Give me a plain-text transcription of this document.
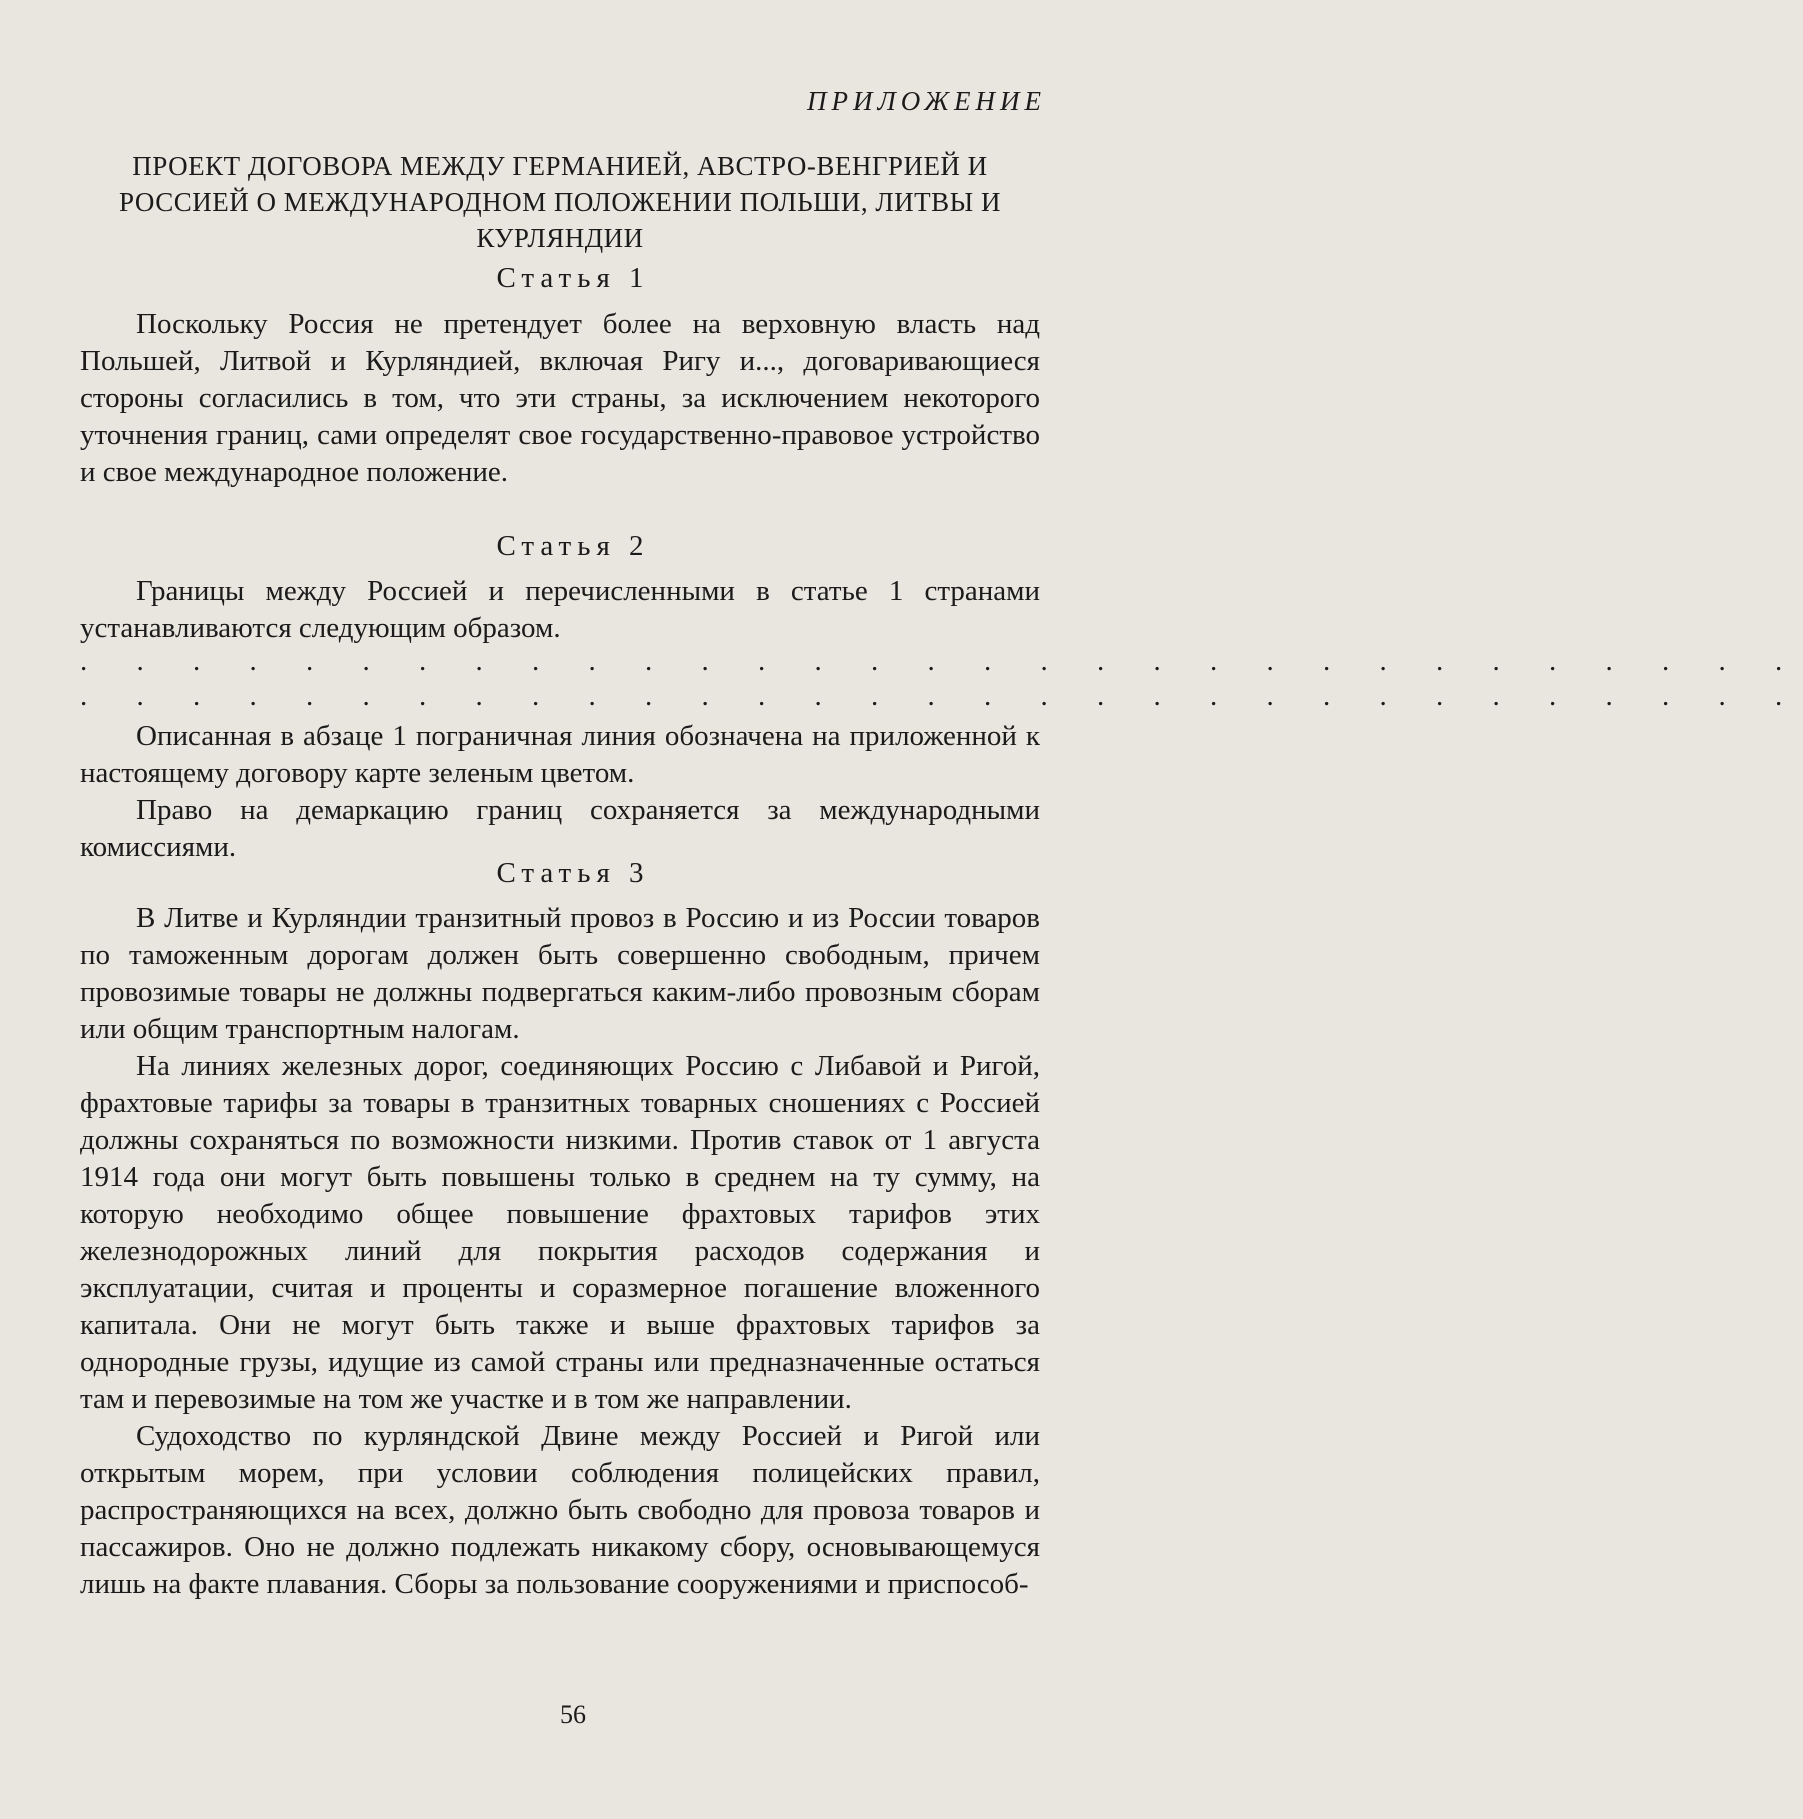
ПРИЛОЖЕНИЕ
ПРОЕКТ ДОГОВОРА МЕЖДУ ГЕРМАНИЕЙ, АВСТРО-ВЕНГРИЕЙ И РОССИЕЙ О МЕЖДУНАРОДНОМ ПОЛОЖЕНИИ ПОЛЬШИ, ЛИТВЫ И КУРЛЯНДИИ
Статья 1

Поскольку Россия не претендует более на верховную власть над Польшей, Литвой и Курляндией, включая Ригу и..., договаривающиеся стороны согласились в том, что эти страны, за исключением некоторого уточнения границ, сами определят свое государственно-правовое устройство и свое международное положение.

Статья 2

Границы между Россией и перечисленными в статье 1 странами устанавливаются следующим образом.

. . . . . . . . . . . . . . . . . . . . . . . . . . . . . . .
. . . . . . . . . . . . . . . . . . . . . . . . . . . . . . .

Описанная в абзаце 1 пограничная линия обозначена на приложенной к настоящему договору карте зеленым цветом.

Право на демаркацию границ сохраняется за международными комиссиями.

Статья 3

В Литве и Курляндии транзитный провоз в Россию и из России товаров по таможенным дорогам должен быть совершенно свободным, причем провозимые товары не должны подвергаться каким-либо провозным сборам или общим транспортным налогам.

На линиях железных дорог, соединяющих Россию с Либавой и Ригой, фрахтовые тарифы за товары в транзитных товарных сношениях с Россией должны сохраняться по возможности низкими. Против ставок от 1 августа 1914 года они могут быть повышены только в среднем на ту сумму, на которую необходимо общее повышение фрахтовых тарифов этих железнодорожных линий для покрытия расходов содержания и эксплуатации, считая и проценты и соразмерное погашение вложенного капитала. Они не могут быть также и выше фрахтовых тарифов за однородные грузы, идущие из самой страны или предназначенные остаться там и перевозимые на том же участке и в том же направлении.

Судоходство по курляндской Двине между Россией и Ригой или открытым морем, при условии соблюдения полицейских правил, распространяющихся на всех, должно быть свободно для провоза товаров и пассажиров. Оно не должно подлежать никакому сбору, основывающемуся лишь на факте плавания. Сборы за пользование сооружениями и приспособ-

56
